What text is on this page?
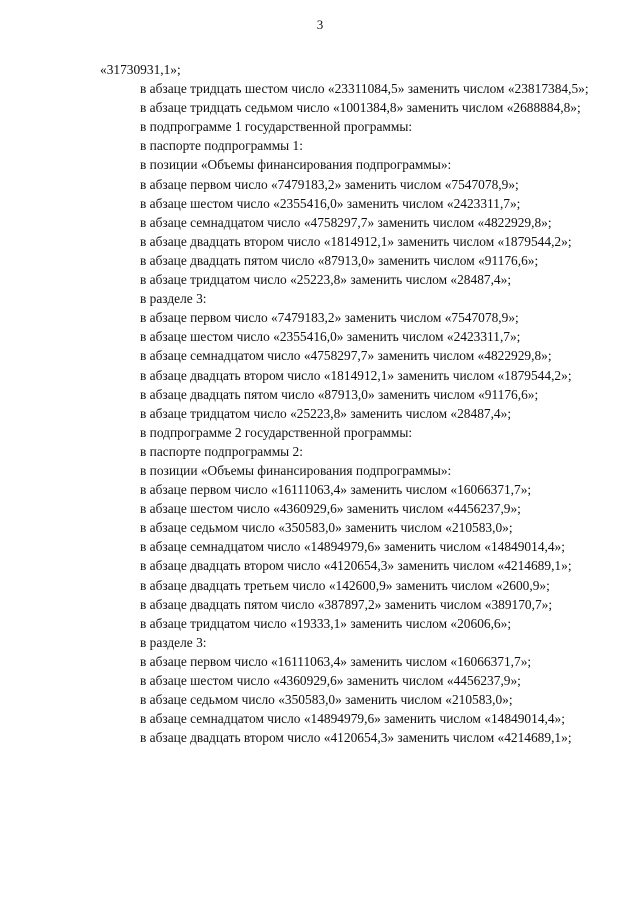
3

«31730931,1»;

в абзаце тридцать шестом число «23311084,5» заменить числом «23817384,5»;

в абзаце тридцать седьмом число «1001384,8» заменить числом «2688884,8»;

в подпрограмме 1 государственной программы:

в паспорте подпрограммы 1:

в позиции «Объемы финансирования подпрограммы»:

в абзаце первом число «7479183,2» заменить числом «7547078,9»;

в абзаце шестом число «2355416,0» заменить числом «2423311,7»;

в абзаце семнадцатом число «4758297,7» заменить числом «4822929,8»;

в абзаце двадцать втором число «1814912,1» заменить числом «1879544,2»;

в абзаце двадцать пятом число «87913,0» заменить числом «91176,6»;

в абзаце тридцатом число «25223,8» заменить числом «28487,4»;

в разделе 3:

в абзаце первом число «7479183,2» заменить числом «7547078,9»;

в абзаце шестом число «2355416,0» заменить числом «2423311,7»;

в абзаце семнадцатом число «4758297,7» заменить числом «4822929,8»;

в абзаце двадцать втором число «1814912,1» заменить числом «1879544,2»;

в абзаце двадцать пятом число «87913,0» заменить числом «91176,6»;

в абзаце тридцатом число «25223,8» заменить числом «28487,4»;

в подпрограмме 2 государственной программы:

в паспорте подпрограммы 2:

в позиции «Объемы финансирования подпрограммы»:

в абзаце первом число «16111063,4» заменить числом «16066371,7»;

в абзаце шестом число «4360929,6» заменить числом «4456237,9»;

в абзаце седьмом число «350583,0» заменить числом «210583,0»;

в абзаце семнадцатом число «14894979,6» заменить числом «14849014,4»;

в абзаце двадцать втором число «4120654,3» заменить числом «4214689,1»;

в абзаце двадцать третьем число «142600,9» заменить числом «2600,9»;

в абзаце двадцать пятом число «387897,2» заменить числом «389170,7»;

в абзаце тридцатом число «19333,1» заменить числом «20606,6»;

в разделе 3:

в абзаце первом число «16111063,4» заменить числом «16066371,7»;

в абзаце шестом число «4360929,6» заменить числом «4456237,9»;

в абзаце седьмом число «350583,0» заменить числом «210583,0»;

в абзаце семнадцатом число «14894979,6» заменить числом «14849014,4»;

в абзаце двадцать втором число «4120654,3» заменить числом «4214689,1»;
